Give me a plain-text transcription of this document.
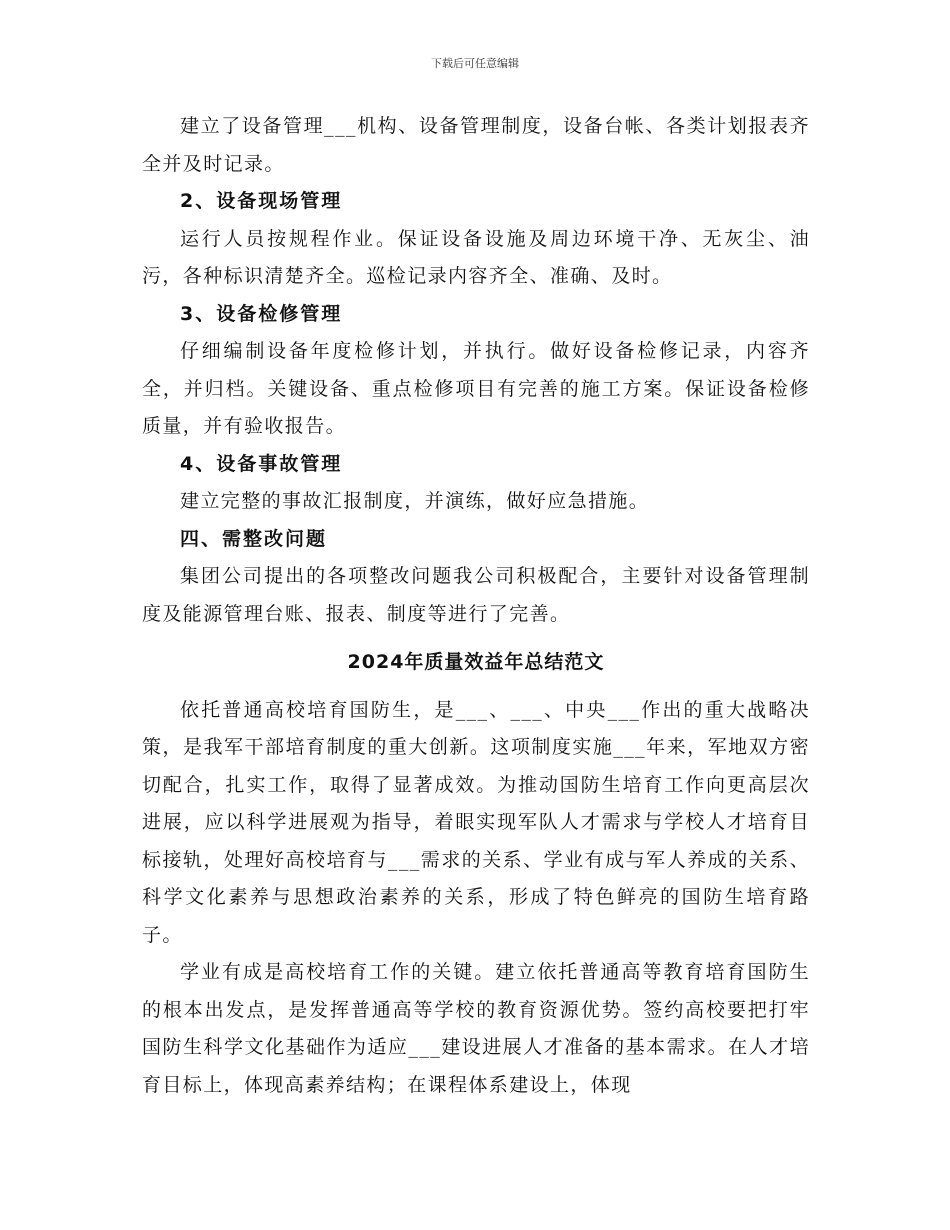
下载后可任意编辑

建立了设备管理___机构、设备管理制度，设备台帐、各类计划报表齐全并及时记录。

2、设备现场管理

运行人员按规程作业。保证设备设施及周边环境干净、无灰尘、油污，各种标识清楚齐全。巡检记录内容齐全、准确、及时。

3、设备检修管理

仔细编制设备年度检修计划，并执行。做好设备检修记录，内容齐全，并归档。关键设备、重点检修项目有完善的施工方案。保证设备检修质量，并有验收报告。

4、设备事故管理

建立完整的事故汇报制度，并演练，做好应急措施。

四、需整改问题

集团公司提出的各项整改问题我公司积极配合，主要针对设备管理制度及能源管理台账、报表、制度等进行了完善。

2024年质量效益年总结范文

依托普通高校培育国防生，是___、___、中央___作出的重大战略决策，是我军干部培育制度的重大创新。这项制度实施___年来，军地双方密切配合，扎实工作，取得了显著成效。为推动国防生培育工作向更高层次进展，应以科学进展观为指导，着眼实现军队人才需求与学校人才培育目标接轨，处理好高校培育与___需求的关系、学业有成与军人养成的关系、科学文化素养与思想政治素养的关系，形成了特色鲜亮的国防生培育路子。

学业有成是高校培育工作的关键。建立依托普通高等教育培育国防生的根本出发点，是发挥普通高等学校的教育资源优势。签约高校要把打牢国防生科学文化基础作为适应___建设进展人才准备的基本需求。在人才培育目标上，体现高素养结构；在课程体系建设上，体现
